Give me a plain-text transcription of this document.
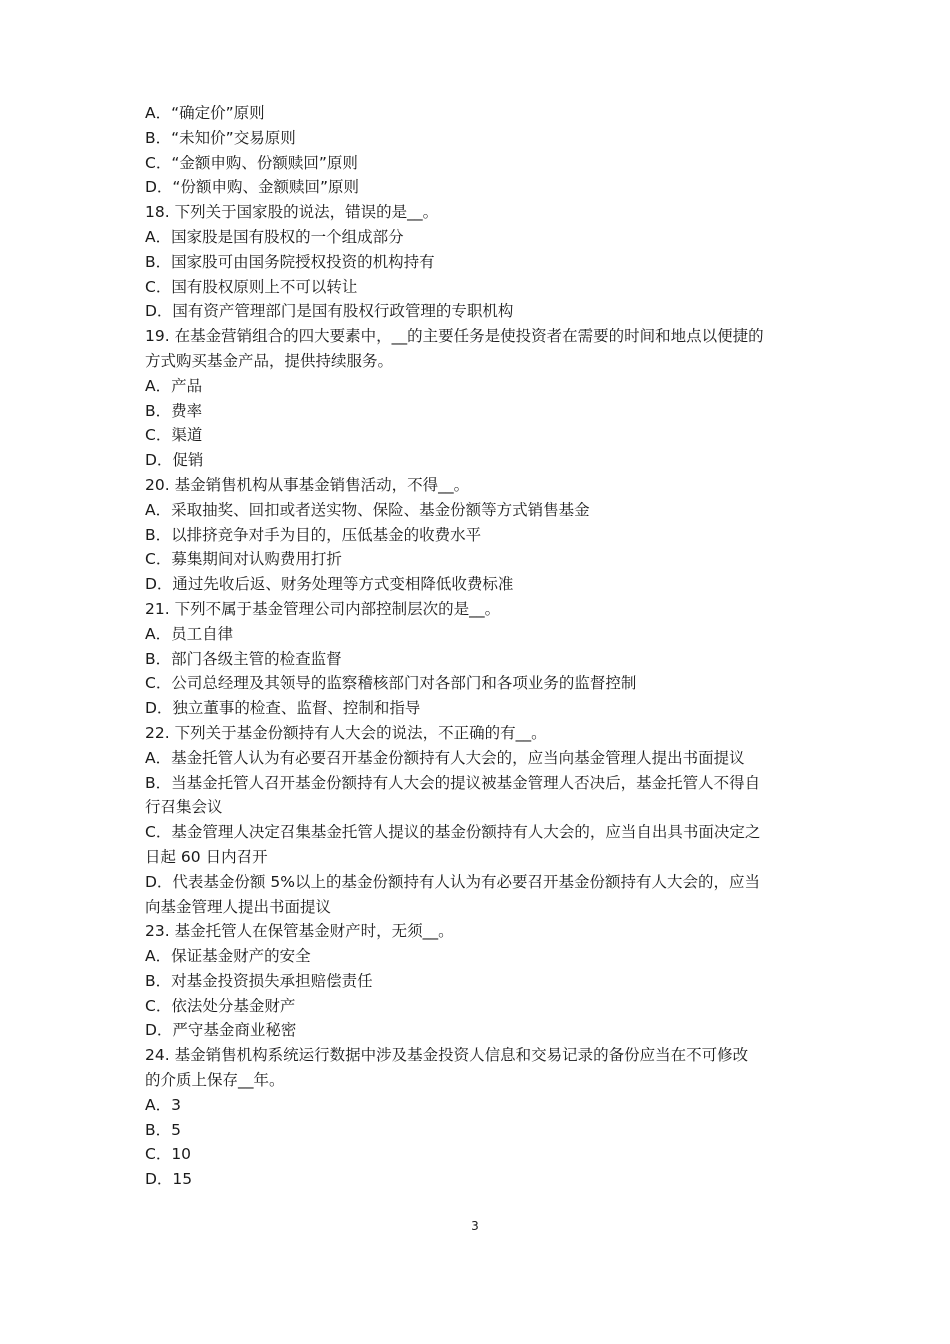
A．“确定价”原则
B．“未知价”交易原则
C．“金额申购、份额赎回”原则
D．“份额申购、金额赎回”原则
18. 下列关于国家股的说法，错误的是__。
A．国家股是国有股权的一个组成部分
B．国家股可由国务院授权投资的机构持有
C．国有股权原则上不可以转让
D．国有资产管理部门是国有股权行政管理的专职机构
19. 在基金营销组合的四大要素中，__的主要任务是使投资者在需要的时间和地点以便捷的
方式购买基金产品，提供持续服务。
A．产品
B．费率
C．渠道
D．促销
20. 基金销售机构从事基金销售活动，不得__。
A．采取抽奖、回扣或者送实物、保险、基金份额等方式销售基金
B．以排挤竞争对手为目的，压低基金的收费水平
C．募集期间对认购费用打折
D．通过先收后返、财务处理等方式变相降低收费标准
21. 下列不属于基金管理公司内部控制层次的是__。
A．员工自律
B．部门各级主管的检查监督
C．公司总经理及其领导的监察稽核部门对各部门和各项业务的监督控制
D．独立董事的检查、监督、控制和指导
22. 下列关于基金份额持有人大会的说法，不正确的有__。
A．基金托管人认为有必要召开基金份额持有人大会的，应当向基金管理人提出书面提议
B．当基金托管人召开基金份额持有人大会的提议被基金管理人否决后，基金托管人不得自
行召集会议
C．基金管理人决定召集基金托管人提议的基金份额持有人大会的，应当自出具书面决定之
日起 60 日内召开
D．代表基金份额 5%以上的基金份额持有人认为有必要召开基金份额持有人大会的，应当
向基金管理人提出书面提议
23. 基金托管人在保管基金财产时，无须__。
A．保证基金财产的安全
B．对基金投资损失承担赔偿责任
C．依法处分基金财产
D．严守基金商业秘密
24. 基金销售机构系统运行数据中涉及基金投资人信息和交易记录的备份应当在不可修改
的介质上保存__年。
A．3
B．5
C．10
D．15
3
